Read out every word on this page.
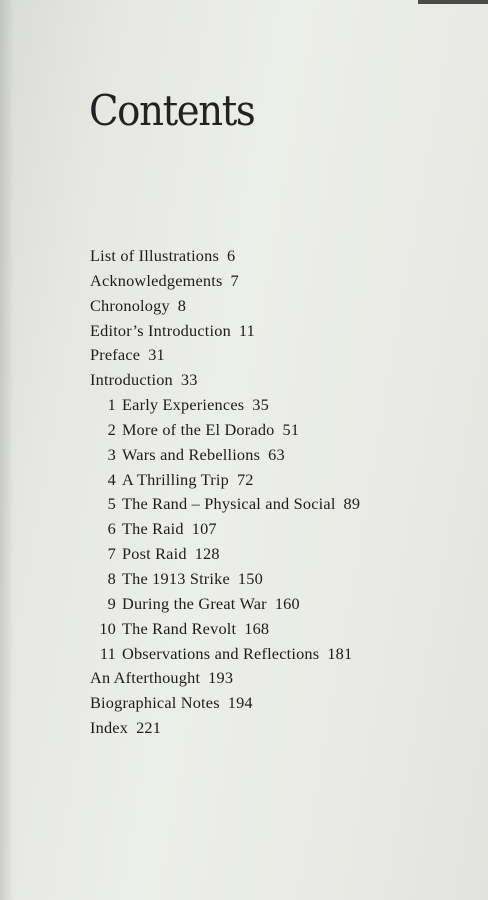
Contents
List of Illustrations 6
Acknowledgements 7
Chronology 8
Editor’s Introduction 11
Preface 31
Introduction 33
1 Early Experiences 35
2 More of the El Dorado 51
3 Wars and Rebellions 63
4 A Thrilling Trip 72
5 The Rand – Physical and Social 89
6 The Raid 107
7 Post Raid 128
8 The 1913 Strike 150
9 During the Great War 160
10 The Rand Revolt 168
11 Observations and Reflections 181
An Afterthought 193
Biographical Notes 194
Index 221
